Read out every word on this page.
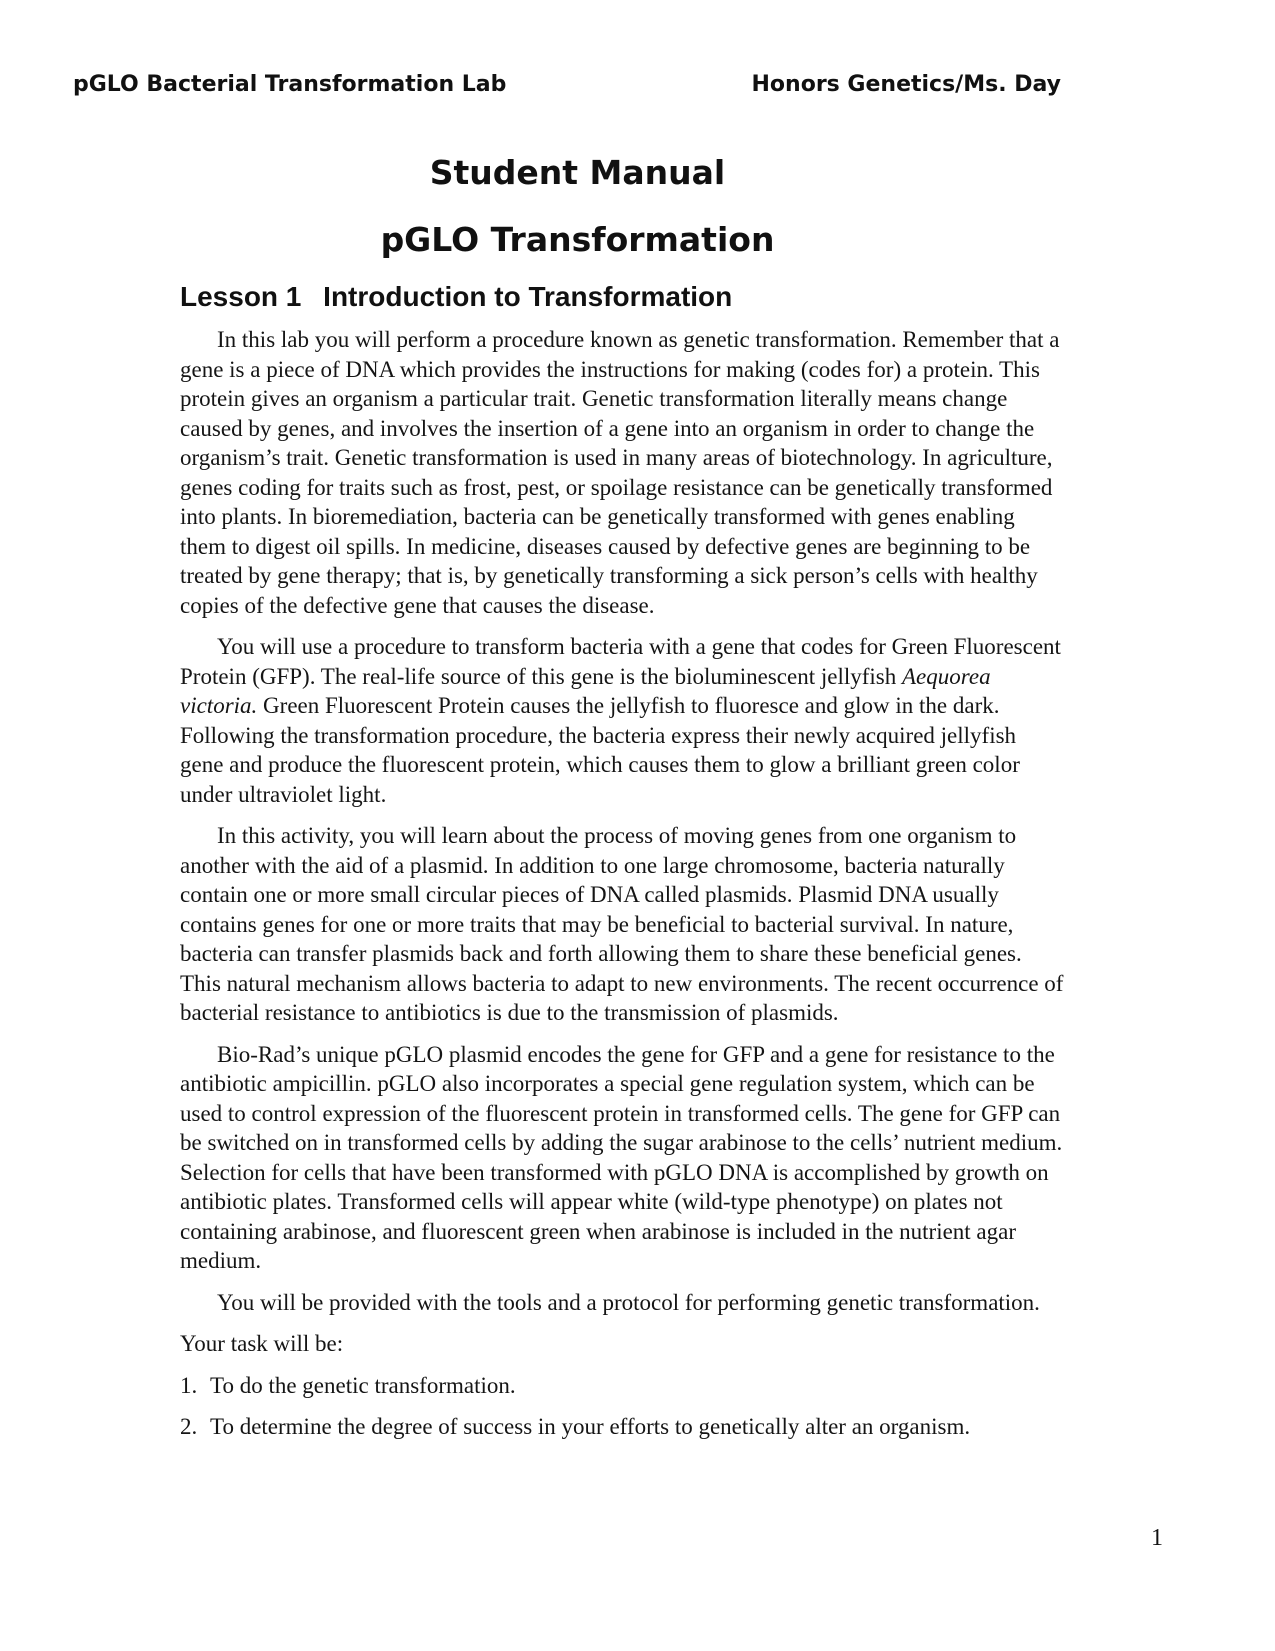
pGLO Bacterial Transformation Lab	Honors Genetics/Ms. Day
Student Manual
pGLO Transformation
Lesson 1 Introduction to Transformation

In this lab you will perform a procedure known as genetic transformation. Remember that a gene is a piece of DNA which provides the instructions for making (codes for) a protein. This protein gives an organism a particular trait. Genetic transformation literally means change caused by genes, and involves the insertion of a gene into an organism in order to change the organism’s trait. Genetic transformation is used in many areas of biotechnology. In agriculture, genes coding for traits such as frost, pest, or spoilage resistance can be genetically transformed into plants. In bioremediation, bacteria can be genetically transformed with genes enabling them to digest oil spills. In medicine, diseases caused by defective genes are beginning to be treated by gene therapy; that is, by genetically transforming a sick person’s cells with healthy copies of the defective gene that causes the disease.

You will use a procedure to transform bacteria with a gene that codes for Green Fluorescent Protein (GFP). The real-life source of this gene is the bioluminescent jellyfish Aequorea victoria. Green Fluorescent Protein causes the jellyfish to fluoresce and glow in the dark. Following the transformation procedure, the bacteria express their newly acquired jellyfish gene and produce the fluorescent protein, which causes them to glow a brilliant green color under ultraviolet light.

In this activity, you will learn about the process of moving genes from one organism to another with the aid of a plasmid. In addition to one large chromosome, bacteria naturally contain one or more small circular pieces of DNA called plasmids. Plasmid DNA usually contains genes for one or more traits that may be beneficial to bacterial survival. In nature, bacteria can transfer plasmids back and forth allowing them to share these beneficial genes. This natural mechanism allows bacteria to adapt to new environments. The recent occurrence of bacterial resistance to antibiotics is due to the transmission of plasmids.

Bio-Rad’s unique pGLO plasmid encodes the gene for GFP and a gene for resistance to the antibiotic ampicillin. pGLO also incorporates a special gene regulation system, which can be used to control expression of the fluorescent protein in transformed cells. The gene for GFP can be switched on in transformed cells by adding the sugar arabinose to the cells’ nutrient medium. Selection for cells that have been transformed with pGLO DNA is accomplished by growth on antibiotic plates. Transformed cells will appear white (wild-type phenotype) on plates not containing arabinose, and fluorescent green when arabinose is included in the nutrient agar medium.

You will be provided with the tools and a protocol for performing genetic transformation.

Your task will be:

1. To do the genetic transformation.
2. To determine the degree of success in your efforts to genetically alter an organism.
1
